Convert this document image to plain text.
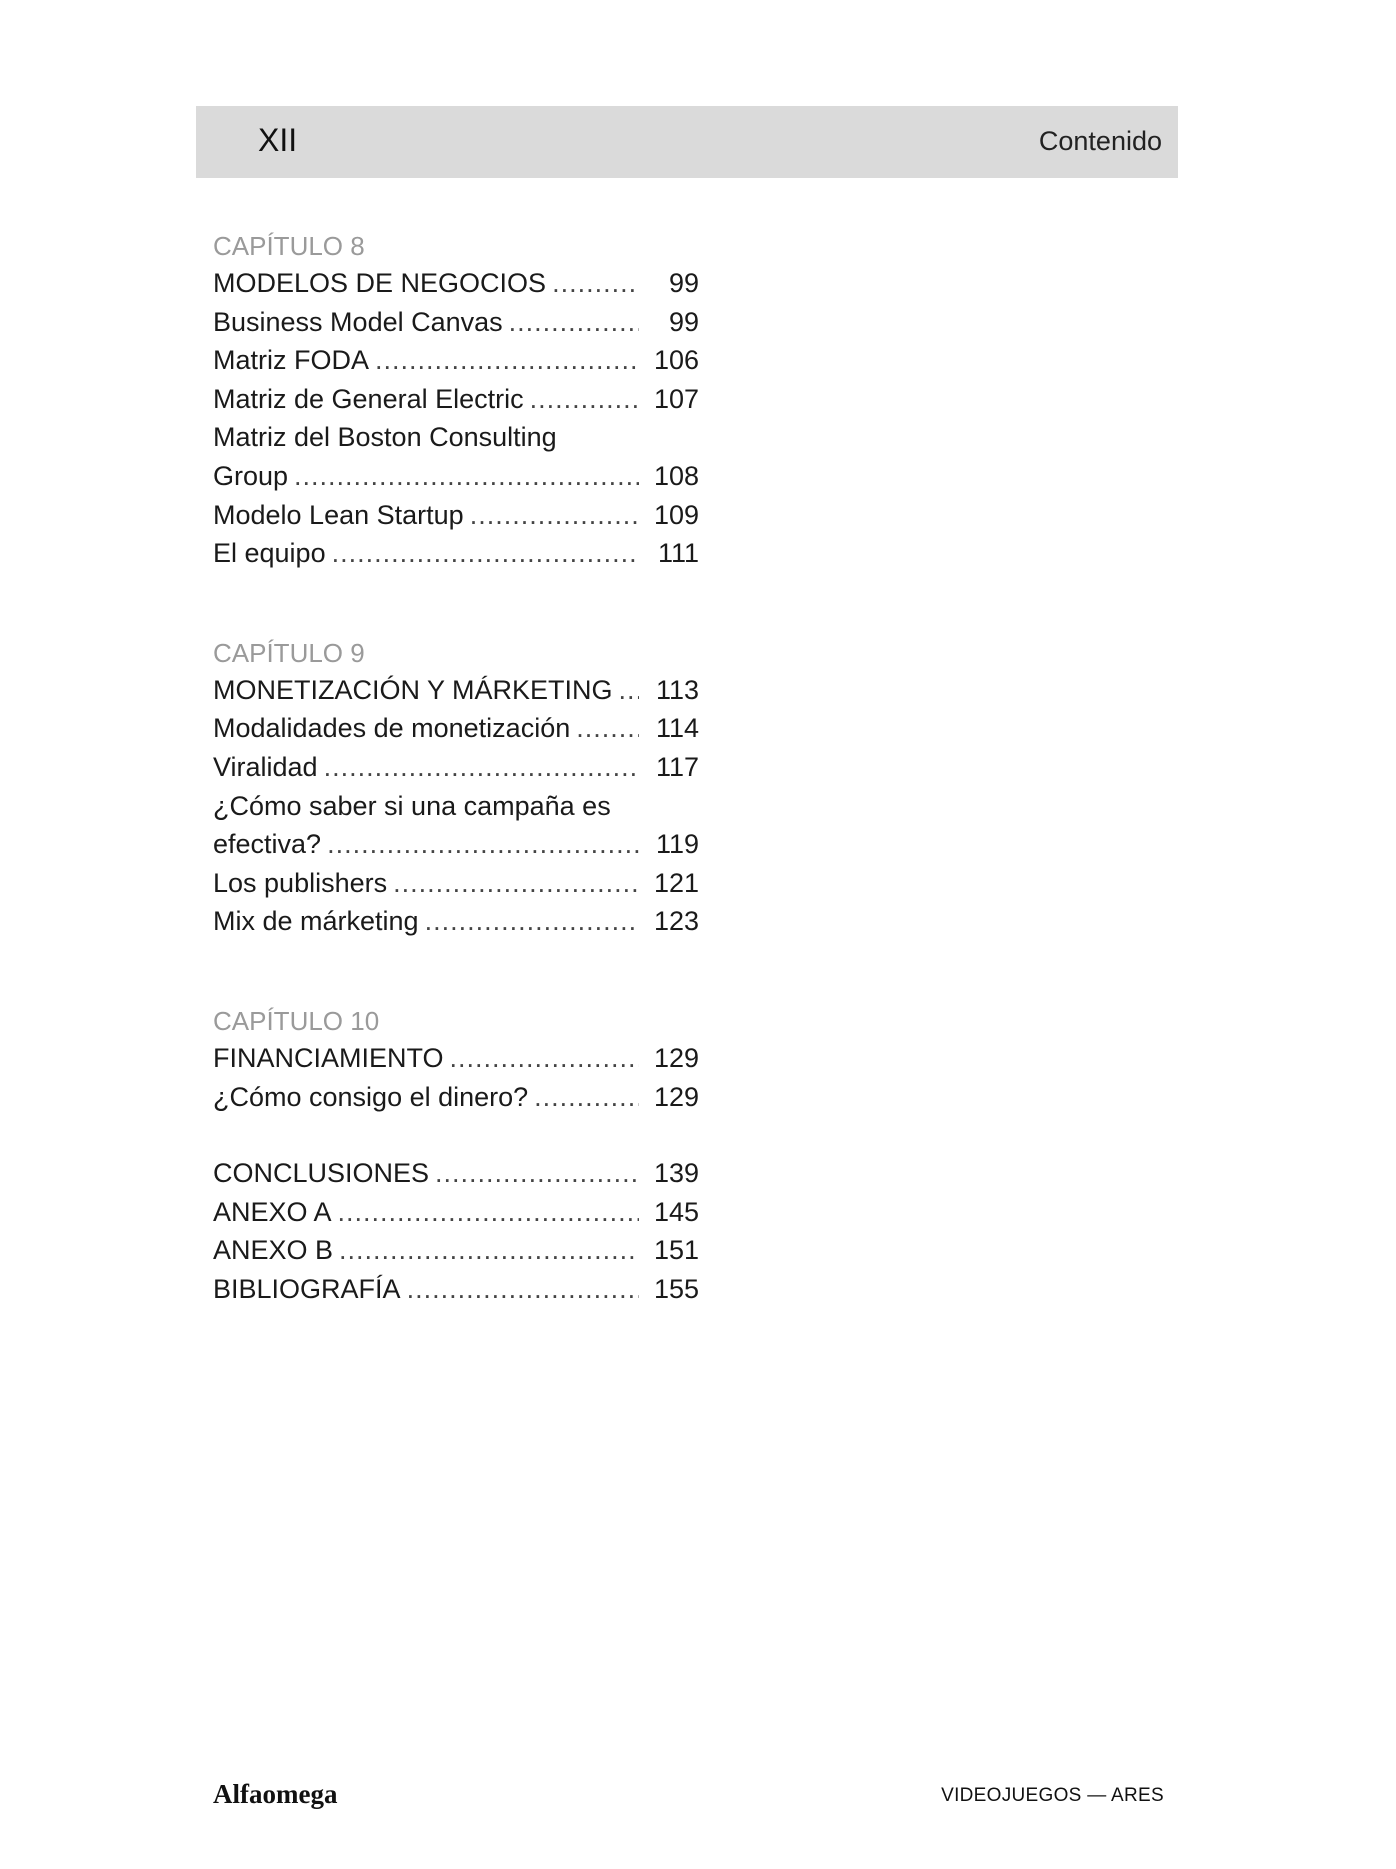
XII	Contenido
CAPÍTULO 8
MODELOS DE NEGOCIOS .....	99
Business Model Canvas .....	99
Matriz FODA .....	106
Matriz de General Electric .....	107
Matriz del Boston Consulting
Group .....	108
Modelo Lean Startup .....	109
El equipo .....	111
CAPÍTULO 9
MONETIZACIÓN Y MÁRKETING .....	113
Modalidades de monetización .....	114
Viralidad .....	117
¿Cómo saber si una campaña es
efectiva? .....	119
Los publishers .....	121
Mix de márketing .....	123
CAPÍTULO 10
FINANCIAMIENTO .....	129
¿Cómo consigo el dinero? .....	129
CONCLUSIONES .....	139
ANEXO A .....	145
ANEXO B .....	151
BIBLIOGRAFÍA .....	155
Alfaomega	VIDEOJUEGOS — ARES
